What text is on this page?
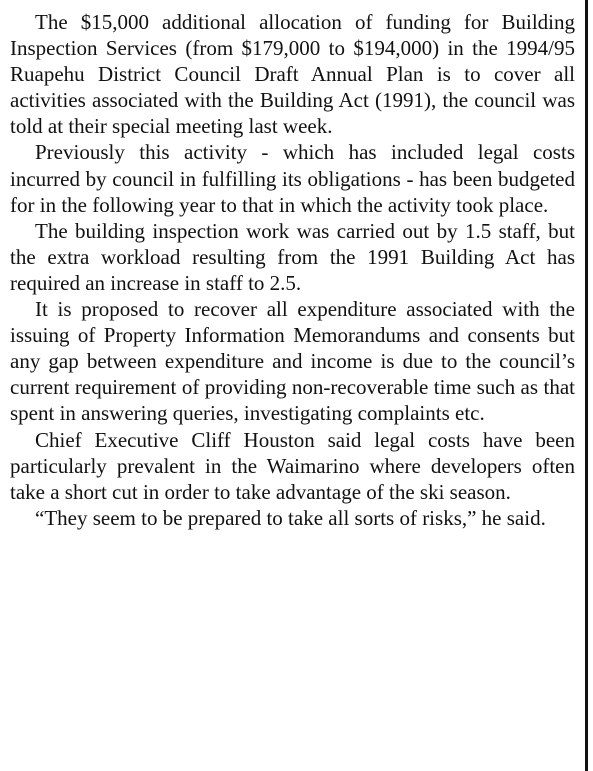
The $15,000 additional allocation of funding for Building Inspection Services (from $179,000 to $194,000) in the 1994/95 Ruapehu District Council Draft Annual Plan is to cover all activities associated with the Building Act (1991), the council was told at their special meeting last week.

Previously this activity - which has included legal costs incurred by council in fulfilling its obligations - has been budgeted for in the following year to that in which the activity took place.

The building inspection work was carried out by 1.5 staff, but the extra workload resulting from the 1991 Building Act has required an increase in staff to 2.5.

It is proposed to recover all expenditure associated with the issuing of Property Information Memorandums and consents but any gap between expenditure and income is due to the council’s current requirement of providing non-recoverable time such as that spent in answering queries, investigating complaints etc.

Chief Executive Cliff Houston said legal costs have been particularly prevalent in the Waimarino where developers often take a short cut in order to take advantage of the ski season.

“They seem to be prepared to take all sorts of risks,” he said.
